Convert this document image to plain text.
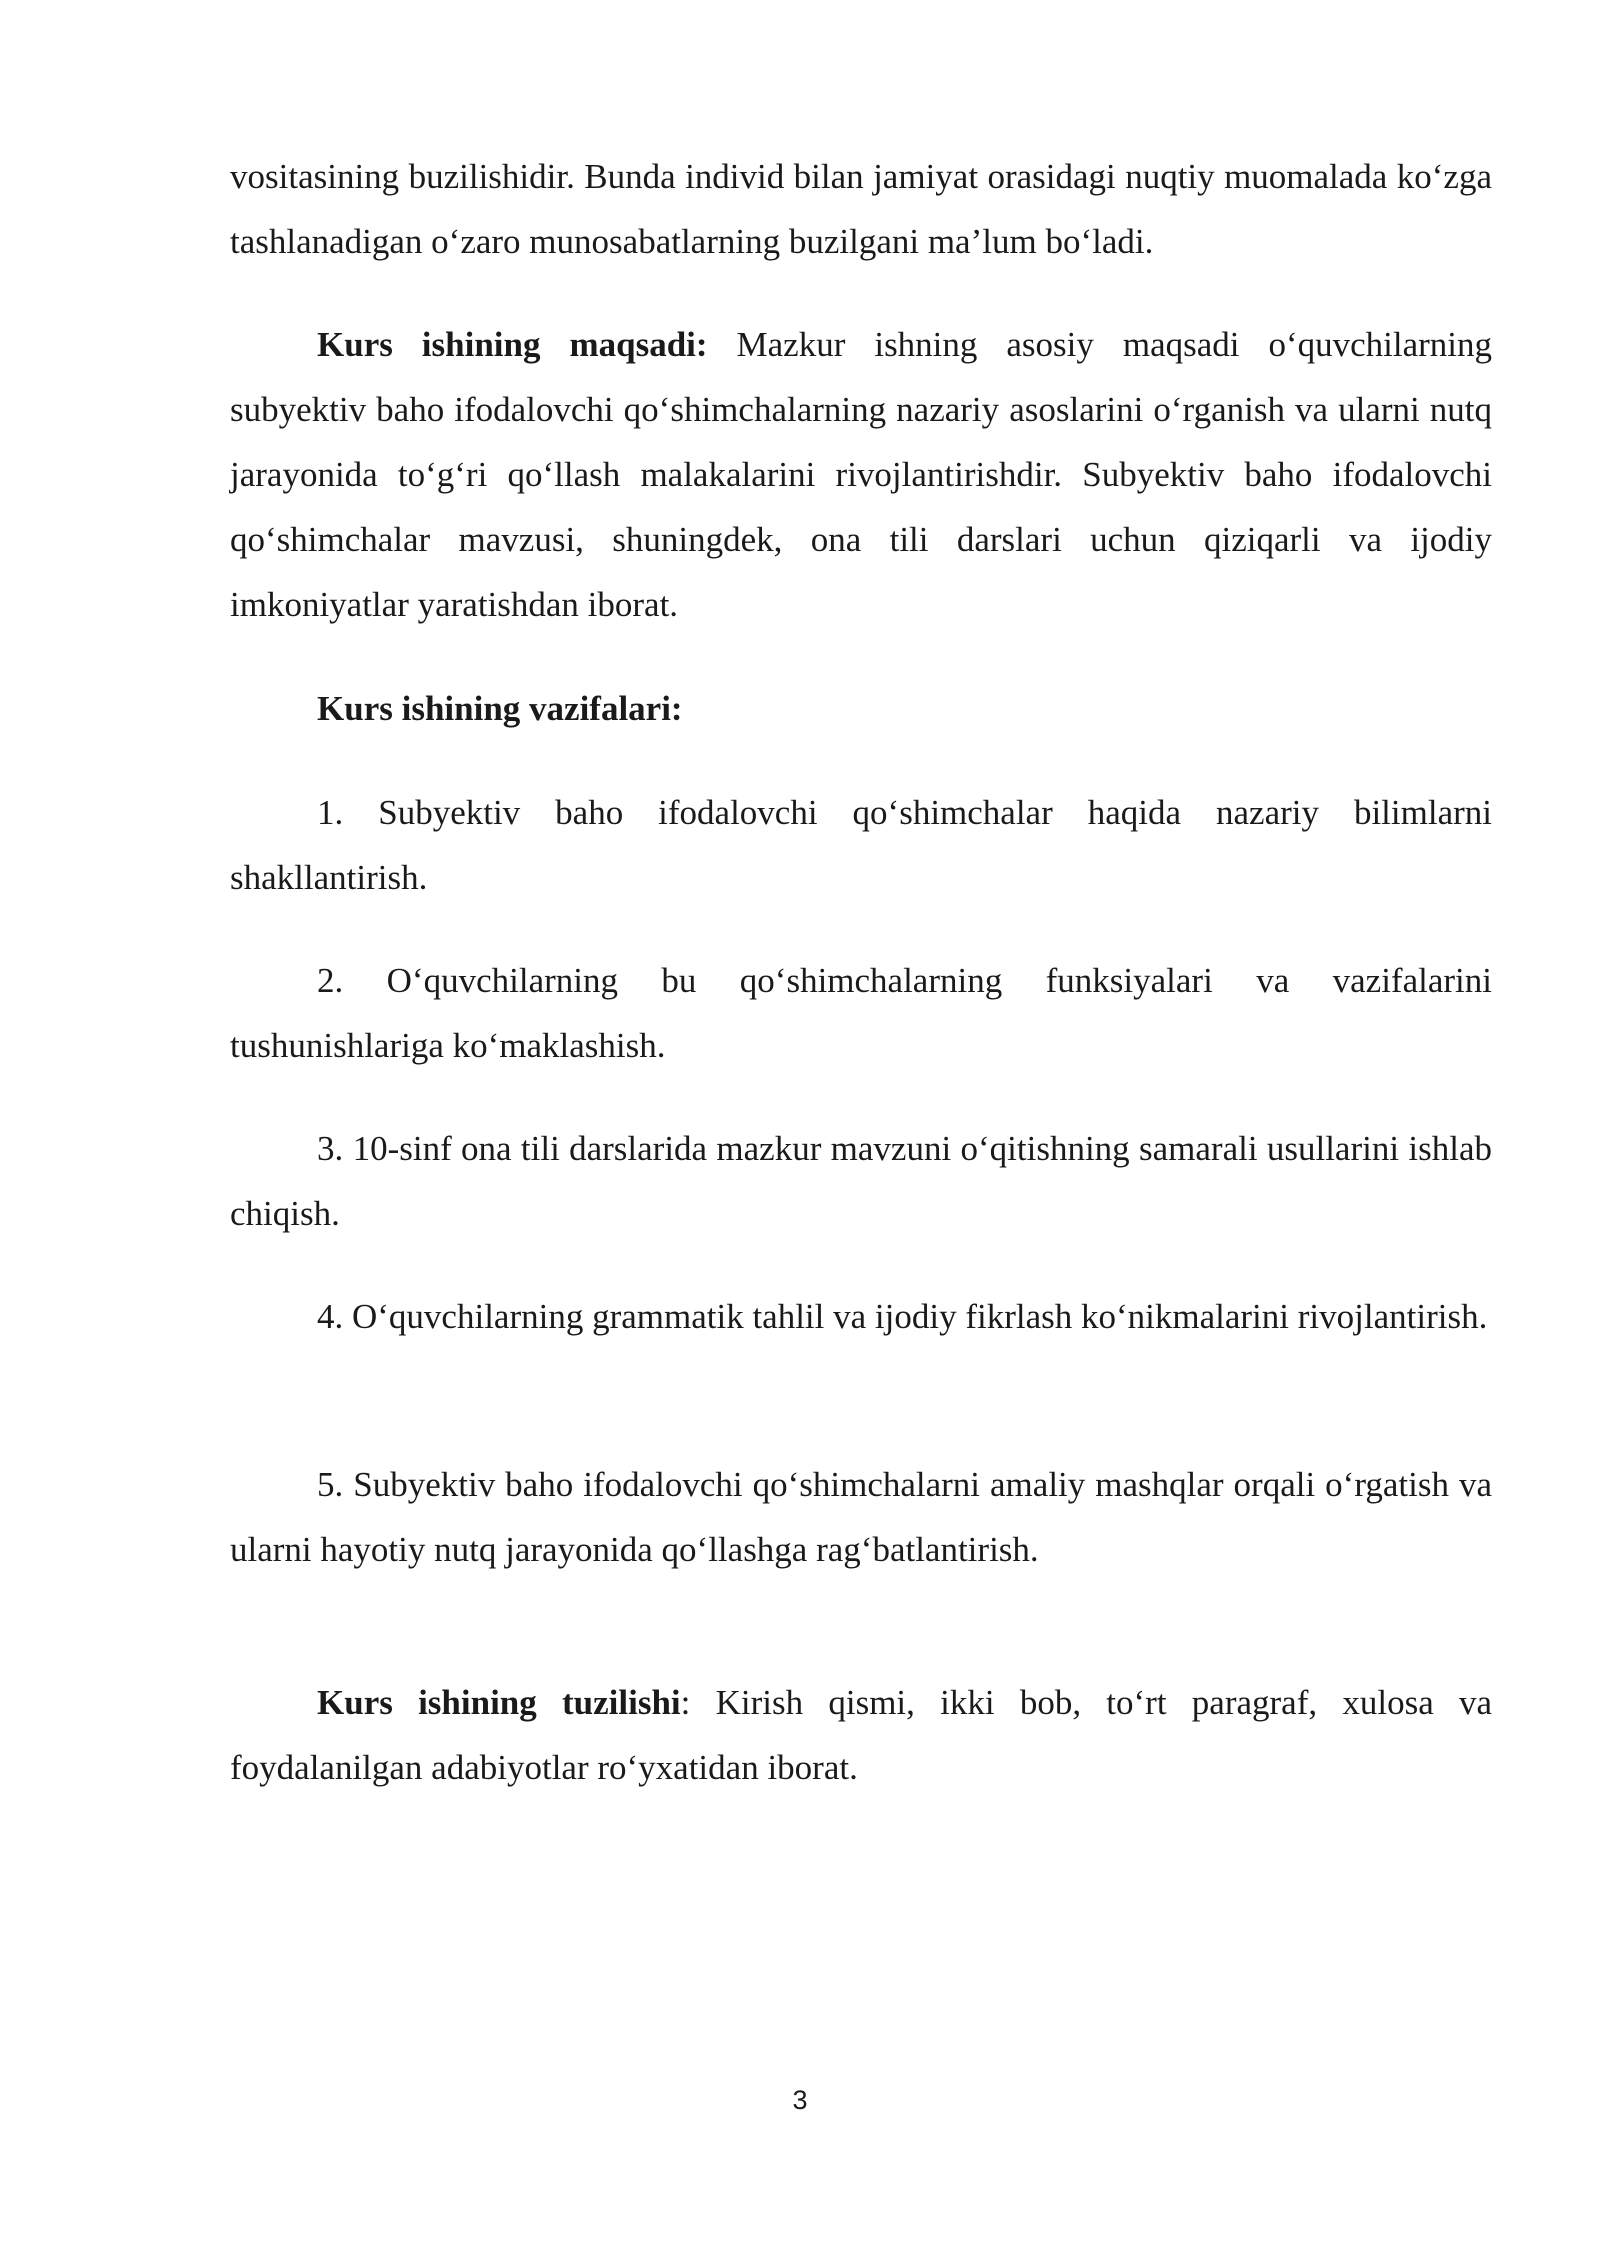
vositasining buzilishidir. Bunda individ bilan jamiyat orasidagi nuqtiy muomalada ko‘zga tashlanadigan o‘zaro munosabatlarning buzilgani ma’lum bo‘ladi.

Kurs ishining maqsadi: Mazkur ishning asosiy maqsadi o‘quvchilarning subyektiv baho ifodalovchi qo‘shimchalarning nazariy asoslarini o‘rganish va ularni nutq jarayonida to‘g‘ri qo‘llash malakalarini rivojlantirishdir. Subyektiv baho ifodalovchi qo‘shimchalar mavzusi, shuningdek, ona tili darslari uchun qiziqarli va ijodiy imkoniyatlar yaratishdan iborat.

Kurs ishining vazifalari:

1. Subyektiv baho ifodalovchi qo‘shimchalar haqida nazariy bilimlarni shakllantirish.

2. O‘quvchilarning bu qo‘shimchalarning funksiyalari va vazifalarini tushunishlariga ko‘maklashish.

3. 10-sinf ona tili darslarida mazkur mavzuni o‘qitishning samarali usullarini ishlab chiqish.

4. O‘quvchilarning grammatik tahlil va ijodiy fikrlash ko‘nikmalarini rivojlantirish.

5. Subyektiv baho ifodalovchi qo‘shimchalarni amaliy mashqlar orqali o‘rgatish va ularni hayotiy nutq jarayonida qo‘llashga rag‘batlantirish.

Kurs ishining tuzilishi: Kirish qismi, ikki bob, to‘rt paragraf, xulosa va foydalanilgan adabiyotlar ro‘yxatidan iborat.

3
